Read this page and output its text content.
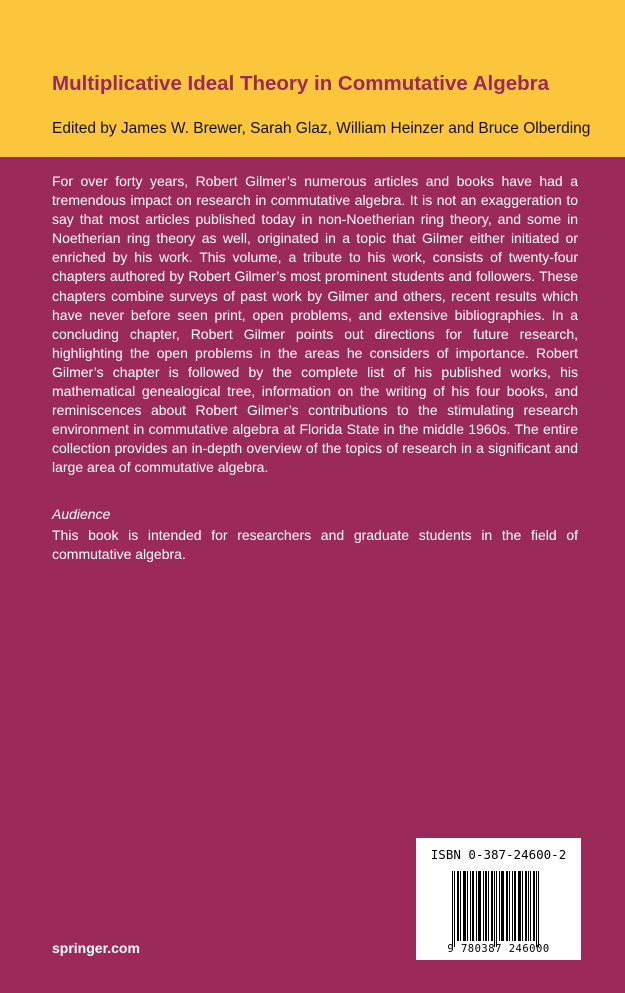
Multiplicative Ideal Theory in Commutative Algebra
Edited by James W. Brewer, Sarah Glaz, William Heinzer and Bruce Olberding
For over forty years, Robert Gilmer’s numerous articles and books have had a tremendous impact on research in commutative algebra. It is not an exaggeration to say that most articles published today in non-Noetherian ring theory, and some in Noetherian ring theory as well, originated in a topic that Gilmer either initiated or enriched by his work. This volume, a tribute to his work, consists of twenty-four chapters authored by Robert Gilmer’s most prominent students and followers. These chapters combine surveys of past work by Gilmer and others, recent results which have never before seen print, open problems, and extensive bibliographies. In a concluding chapter, Robert Gilmer points out directions for future research, highlighting the open problems in the areas he considers of importance. Robert Gilmer’s chapter is followed by the complete list of his published works, his mathematical genealogical tree, information on the writing of his four books, and reminiscences about Robert Gilmer’s contributions to the stimulating research environment in commutative algebra at Florida State in the middle 1960s. The entire collection provides an in-depth overview of the topics of research in a significant and large area of commutative algebra.
Audience
This book is intended for researchers and graduate students in the field of commutative algebra.
springer.com
ISBN 0-387-24600-2
9 780387 246000
